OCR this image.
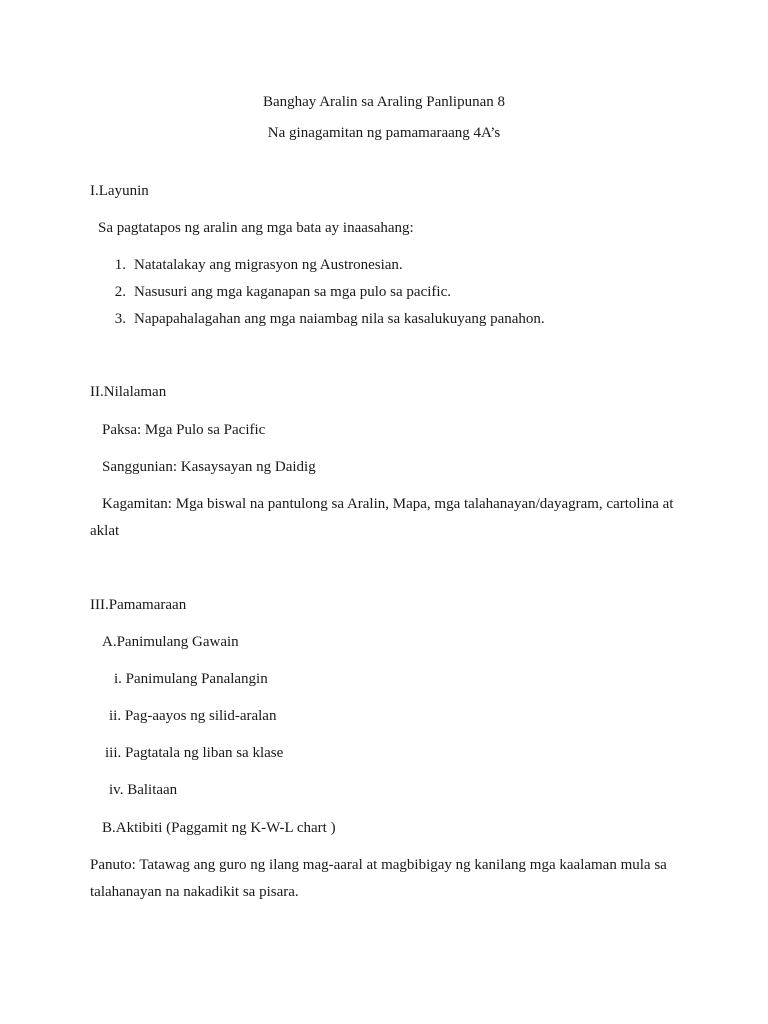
Banghay Aralin sa Araling Panlipunan 8
Na ginagamitan ng pamamaraang 4A’s
I.Layunin
Sa pagtatapos ng aralin ang mga bata ay inaasahang:
1. Natatalakay ang migrasyon ng Austronesian.
2. Nasusuri ang mga kaganapan sa mga pulo sa pacific.
3. Napapahalagahan ang mga naiambag nila sa kasalukuyang panahon.
II.Nilalaman
Paksa: Mga Pulo sa Pacific
Sanggunian: Kasaysayan ng Daidig
Kagamitan: Mga biswal na pantulong sa Aralin, Mapa, mga talahanayan/dayagram, cartolina at
aklat
III.Pamamaraan
A.Panimulang Gawain
i. Panimulang Panalangin
ii. Pag-aayos ng silid-aralan
iii. Pagtatala ng liban sa klase
iv. Balitaan
B.Aktibiti (Paggamit ng K-W-L chart )
Panuto: Tatawag ang guro ng ilang mag-aaral at magbibigay ng kanilang mga kaalaman mula sa
talahanayan na nakadikit sa pisara.
